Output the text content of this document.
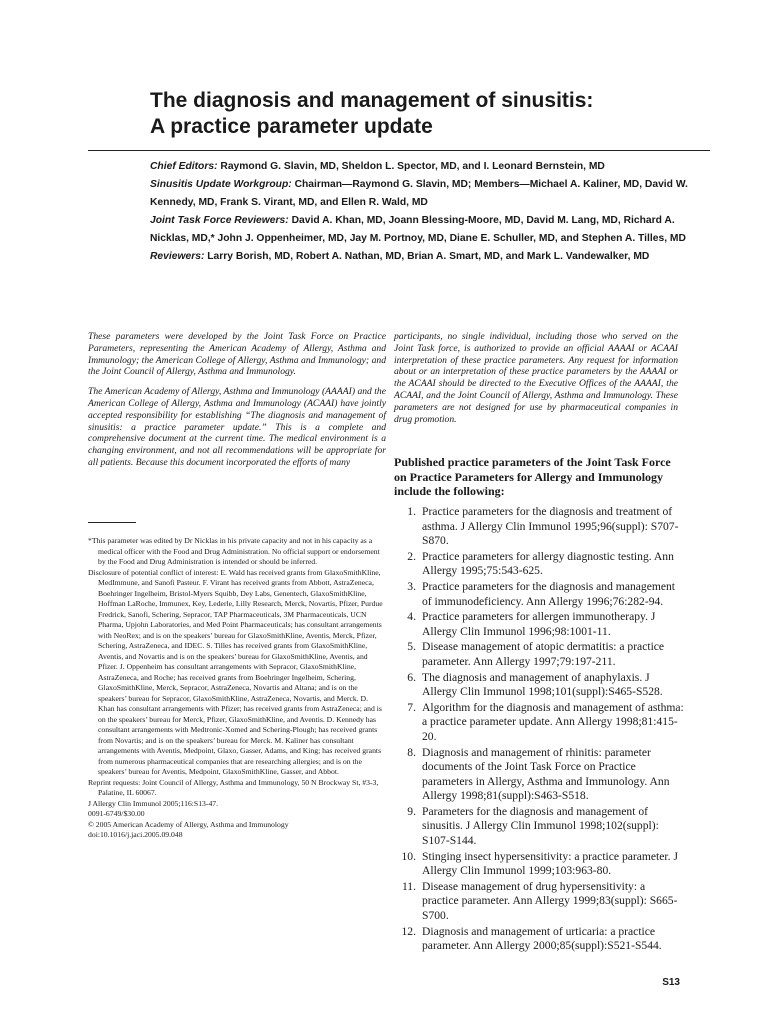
The diagnosis and management of sinusitis:
A practice parameter update

Chief Editors: Raymond G. Slavin, MD, Sheldon L. Spector, MD, and I. Leonard Bernstein, MD

Sinusitis Update Workgroup: Chairman—Raymond G. Slavin, MD; Members—Michael A. Kaliner, MD, David W. Kennedy, MD, Frank S. Virant, MD, and Ellen R. Wald, MD

Joint Task Force Reviewers: David A. Khan, MD, Joann Blessing-Moore, MD, David M. Lang, MD, Richard A. Nicklas, MD,* John J. Oppenheimer, MD, Jay M. Portnoy, MD, Diane E. Schuller, MD, and Stephen A. Tilles, MD

Reviewers: Larry Borish, MD, Robert A. Nathan, MD, Brian A. Smart, MD, and Mark L. Vandewalker, MD

These parameters were developed by the Joint Task Force on Practice Parameters, representing the American Academy of Allergy, Asthma and Immunology; the American College of Allergy, Asthma and Immunology; and the Joint Council of Allergy, Asthma and Immunology.

The American Academy of Allergy, Asthma and Immunology (AAAAI) and the American College of Allergy, Asthma and Immunology (ACAAI) have jointly accepted responsibility for establishing “The diagnosis and management of sinusitis: a practice parameter update.” This is a complete and comprehensive document at the current time. The medical environment is a changing environment, and not all recommendations will be appropriate for all patients. Because this document incorporated the efforts of many

participants, no single individual, including those who served on the Joint Task force, is authorized to provide an official AAAAI or ACAAI interpretation of these practice parameters. Any request for information about or an interpretation of these practice parameters by the AAAAI or the ACAAI should be directed to the Executive Offices of the AAAAI, the ACAAI, and the Joint Council of Allergy, Asthma and Immunology. These parameters are not designed for use by pharmaceutical companies in drug promotion.

*This parameter was edited by Dr Nicklas in his private capacity and not in his capacity as a medical officer with the Food and Drug Administration. No official support or endorsement by the Food and Drug Administration is intended or should be inferred.

Disclosure of potential conflict of interest: E. Wald has received grants from GlaxoSmithKline, MedImmune, and Sanofi Pasteur. F. Virant has received grants from Abbott, AstraZeneca, Boehringer Ingelheim, Bristol-Myers Squibb, Dey Labs, Genentech, GlaxoSmithKline, Hoffman LaRoche, Immunex, Key, Lederle, Lilly Research, Merck, Novartis, Pfizer, Purdue Fredrick, Sanofi, Schering, Sepracor, TAP Pharmaceuticals, 3M Pharmaceuticals, UCN Pharma, Upjohn Laboratories, and Med Point Pharmaceuticals; has consultant arrangements with NeoRex; and is on the speakers’ bureau for GlaxoSmithKline, Aventis, Merck, Pfizer, Schering, AstraZeneca, and IDEC. S. Tilles has received grants from GlaxoSmithKline, Aventis, and Novartis and is on the speakers’ bureau for GlaxoSmithKline, Aventis, and Pfizer. J. Oppenheim has consultant arrangements with Sepracor, GlaxoSmithKline, AstraZeneca, and Roche; has received grants from Boehringer Ingelheim, Schering, GlaxoSmithKline, Merck, Sepracor, AstraZeneca, Novartis and Altana; and is on the speakers’ bureau for Sepracor, GlaxoSmithKline, AstraZeneca, Novartis, and Merck. D. Khan has consultant arrangements with Pfizer; has received grants from AstraZeneca; and is on the speakers’ bureau for Merck, Pfizer, GlaxoSmithKline, and Aventis. D. Kennedy has consultant arrangements with Medtronic-Xomed and Schering-Plough; has received grants from Novartis; and is on the speakers’ bureau for Merck. M. Kaliner has consultant arrangements with Aventis, Medpoint, Glaxo, Gasser, Adams, and King; has received grants from numerous pharmaceutical companies that are researching allergies; and is on the speakers’ bureau for Aventis, Medpoint, GlaxoSmithKline, Gasser, and Abbot.

Reprint requests: Joint Council of Allergy, Asthma and Immunology, 50 N Brockway St, #3-3, Palatine, IL 60067.

J Allergy Clin Immunol 2005;116:S13-47.

0091-6749/$30.00

© 2005 American Academy of Allergy, Asthma and Immunology

doi:10.1016/j.jaci.2005.09.048

Published practice parameters of the Joint Task Force on Practice Parameters for Allergy and Immunology include the following:
1. Practice parameters for the diagnosis and treatment of asthma. J Allergy Clin Immunol 1995;96(suppl): S707-S870.
2. Practice parameters for allergy diagnostic testing. Ann Allergy 1995;75:543-625.
3. Practice parameters for the diagnosis and management of immunodeficiency. Ann Allergy 1996;76:282-94.
4. Practice parameters for allergen immunotherapy. J Allergy Clin Immunol 1996;98:1001-11.
5. Disease management of atopic dermatitis: a practice parameter. Ann Allergy 1997;79:197-211.
6. The diagnosis and management of anaphylaxis. J Allergy Clin Immunol 1998;101(suppl):S465-S528.
7. Algorithm for the diagnosis and management of asthma: a practice parameter update. Ann Allergy 1998;81:415-20.
8. Diagnosis and management of rhinitis: parameter documents of the Joint Task Force on Practice parameters in Allergy, Asthma and Immunology. Ann Allergy 1998;81(suppl):S463-S518.
9. Parameters for the diagnosis and management of sinusitis. J Allergy Clin Immunol 1998;102(suppl): S107-S144.
10. Stinging insect hypersensitivity: a practice parameter. J Allergy Clin Immunol 1999;103:963-80.
11. Disease management of drug hypersensitivity: a practice parameter. Ann Allergy 1999;83(suppl): S665-S700.
12. Diagnosis and management of urticaria: a practice parameter. Ann Allergy 2000;85(suppl):S521-S544.
S13
